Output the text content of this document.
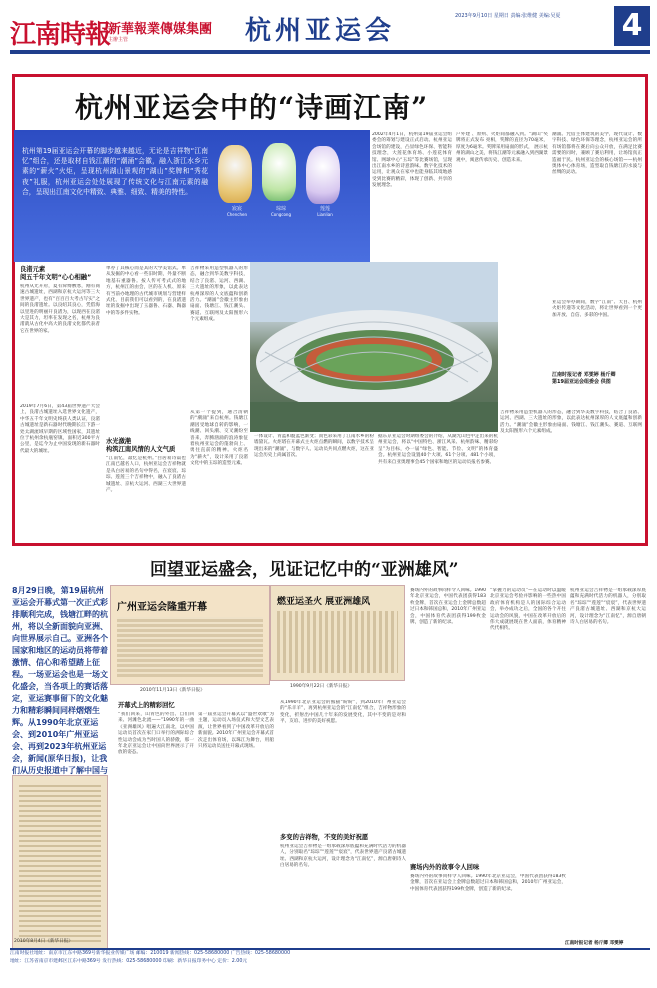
江南時報
新華報業傳媒集團
主辦主管	杭州亚运会	2023年9月10日 星期日 责编:张维健 美编:吴夏	4
杭州亚运会中的“诗画江南”
杭州第19届亚运会开幕的脚步越来越近，无论是吉祥物“江南忆”组合，还是取材自钱江潮的“潮涌”会徽，融入浙江水乡元素的“薪火”火炬，呈现杭州湖山景观的“湖山”奖牌和“秀花夜”礼服，杭州亚运会处处展现了传统文化与江南元素的融合，呈现出江南文化中精致、典雅、细致、精美的特性。
宸宸	琮琮	莲莲
Chenchen	Congcong	Lianlian
2002年4月1日，杭州第19届亚运会组委会的筹划与建设正式启动。杭州亚运会场馆的建设，凸显绿色环保、智能科技理念，大莲花体育场、小莲花体育馆、网球中心“玉琮”等比赛场馆，呈现出江南水乡的诗意韵味。数字化技术的运用，让观众在家中也能身临其境地感受到比赛的精彩，体现了创新、共享的发展理念。
户外建 、原则、火炬间都融入到。“湖山”奖牌将正式发布 亮相，奖牌的直径为70毫米，厚度为6毫米。奖牌采用扇面的形式， 展示杭州的湖山之美，将钱江潮等元素融入到西湖景观中，寓意传承历史、创造未来。
潮涌。凭借主体建筑的美学，现代设计、数字科技、绿色环保等理念，杭州亚运会的所有场馆都将在赛后向公众开放，在满足比赛需要的同时，兼顾了赛后利用，让场馆真正造福于民。杭州亚运会的核心场馆——杭州奥体中心体育场，造型取自钱塘江的水波与丝绸的灵动。
亚运会举办期间，数字“江南”、天目、杭州火炬传递等文化活动，将让世界看到一个更加开放、自信、多彩的中国。
江南时报记者 邓雯婷 杨斤卿
第19届亚运会组委会 供图
良渚元素
阅五千年文明“心心相融”
杭州从光开府，夏有舜傅敷寒，刚有商速古城遗址，西湖和京杭大运河等三大世界遗产，也有“百百百大考古写实”之间的良渚遗址。以良绍其良心，凭借海以里进的明丽开良渚为，以现西在良渚大是其力，坦率在发现之名，杭州为良渚就从古化中高大的良渚文化都代表者它在世界的家。
2019年7月6日，第43届世界遗产大会上，良渚古城遗址入选世界文化遗产，中华五千年文明史终获人类认证，良渚古城遗址是新石器时代晚期长江下游一处太湖流域早期的区域性国家，其遗址位于杭州余杭瓶窑镇，面积近300平方公里，是迄今为止中国发现的新石器时代最大的城址。
单办了其核心而是其的大学美馆式。单从发掘的中心看一些旧时期，外量不断地基石重器鲁。按人传可考式式的地方，杭州江的由会，区的在人机、原来有当前办地理的古代城市规划与营建样式化、目前我们可以看到的，在良渚遗址的发掘中出现了玉器鲁、石器、陶器中的等多件实物。
水光潋滟
构筑江南风情的人文气质
“江南忆，最忆是杭州。”白居易诗篇也江南已越名人口，杭州亚运会吉祥物就是从白居易的名句中得名，在宸宸、琮琮、莲莲三个吉祥物中，融入了良渚古城遗址、京杭大运河、西湖三大世界遗产。
吉祥物采用造型机器人的形态，融合到华美数字科技，结合了良渚、运河、西湖、三大遗址的形象，以此表达杭州深厚的人文底蕴和创新活力。“潮涌”会徽主形象由扇面、钱塘江、钱江潮头、赛道、互联网及太阳图形六个元素组成。
从第一个提到，通合清朝的“潮涌”来自杭州。钱塘江潮因受地球自转的影响，一线潮、回头潮、交叉潮纷至沓来，奔腾汹涌的浪涛象征着杭州亚运会的蓬勃向上、勇往直前的精神。火炬名为“薪火”，设计采用了良渚文化中的玉琮的造型元素。
一体设计、青蓝和靛蓝色渐变；而色彩采用了江南水乡的粉墙黛瓦。火炬塔在开幕式主火炬点燃的瞬间，以数字技术呈现出来的“潮涌”，与数字人、运动员共同点燃火炬，这在亚运会历史上尚属首次。
据东京亚运会时期组委会的介绍，从湖光山色中走出来的杭州亚运会，将以“中国特色、浙江风采、杭州韵味、精彩纷呈”为目标，办一届“绿色、智能、节俭、文明”的体育盛会。杭州亚运会设置40个大项、61个分项、481个小项，共有来自亚奥理事会45个国家和地区的运动员报名参赛。
吉祥物采用造型机器人的形态，融合到华美数字科技，结合了良渚、运河、西湖、三大遗址的形象，以此表达杭州深厚的人文底蕴和创新活力。“潮涌”会徽主形象由扇面、钱塘江、钱江潮头、赛道、互联网及太阳图形六个元素组成。
回望亚运盛会，见证记忆中的“亚洲雄风”
8月29日晚，第19届杭州亚运会开幕式第一次正式彩排顺利完成，钱塘江畔的杭州，将以全新面貌向亚洲、向世界展示自己。亚洲各个国家和地区的运动员将带着激情、信心和希望踏上征程。一场亚运会也是一场文化盛会，当各项上的赛话落定，亚运赛事留下的文化魅力和精彩瞬间同样熠熠生辉。从1990年北京亚运会、到2010年广州亚运会、再到2023年杭州亚运会，新闻(原华日报)，让我们从历史报道中了解中国与
广州亚运会隆重开幕
2010年11月13日《新华日报》
燃亚运圣火 展亚洲雄风
1990年9月22日《新华日报》
2010年8月4日《新华日报》
开幕式上的精彩回忆
“我们回来，山青色的外出、自们回来、河滩色北流——”1990年的一曲《亚洲雄风》唱遍大江南北，以中国运动员首次在家门口举行的洲际综合性运动会成为当时国人的骄傲，那一年北京亚运会让中国向世界展示了开放的姿态。
第一届亚运会开幕式以“盛世欢歌”为主题，运动员入场仪式和大型文艺表演，让世界看到了中国改革开放后的新面貌。2010年广州亚运会开幕式首次走出体育场，以珠江为舞台，用船只将运动员送往开幕式现场。
赛场内外的故事同样令人回味。1990年北京亚运会，中国代表团获得183枚金牌，首次在亚运会上金牌总数超过日本和韩国总和，2010年广州亚运会，中国体育代表团获得199枚金牌，创造了新的纪录。
“掌握力的运动员”—在运动时以温暖北京亚运会考验并影响的一些热中国政府体育机构是人的国际综合运动会，举办成功之后，全国的各个开往运动会的风貌，中国在改革开放后的伟大成就展现在世人面前，体育精神代代相传。
杭州亚运会吉祥物是一组承载深厚底蕴和充满时代活力的机器人，分别取名“琮琮”“莲莲”“宸宸”，代表世界遗产良渚古城遗址、西湖和京杭大运河，设计理念为“江南忆”，源自唐朝诗人白居易的名句。
从1990年北京亚运会的熊猫“盼盼”，到2010年广州亚运会的“乐羊羊”，再到杭州亚运会的“江南忆”组合，吉祥物形象的变化，折射出中国几十年来的发展变化，其中不变的是对和平、友谊、进步的美好祝愿。
多变的吉祥物，不变的美好祝愿
杭州亚运会吉祥物是一组承载深厚底蕴和充满时代活力的机器人，分别取名“琮琮”“莲莲”“宸宸”，代表世界遗产良渚古城遗址、西湖和京杭大运河，设计理念为“江南忆”，源自唐朝诗人白居易的名句。	赛场内外的故事令人回味
赛场内外的故事同样令人回味。1990年北京亚运会，中国代表团获得183枚金牌，首次在亚运会上金牌总数超过日本和韩国总和，2010年广州亚运会，中国体育代表团获得199枚金牌，创造了新的纪录。
江南时报记者 杨斤卿 邓雯婷
江南时报社地址：南京市江东中路369号新华报业传媒广场 邮编：210019 新闻热线：025-58680000 广告热线：025-58680000
地址：江苏省南京市建邺区江东中路369号 发行热线：025-58680000 印刷：新华日报印务中心 定价：2.00元
